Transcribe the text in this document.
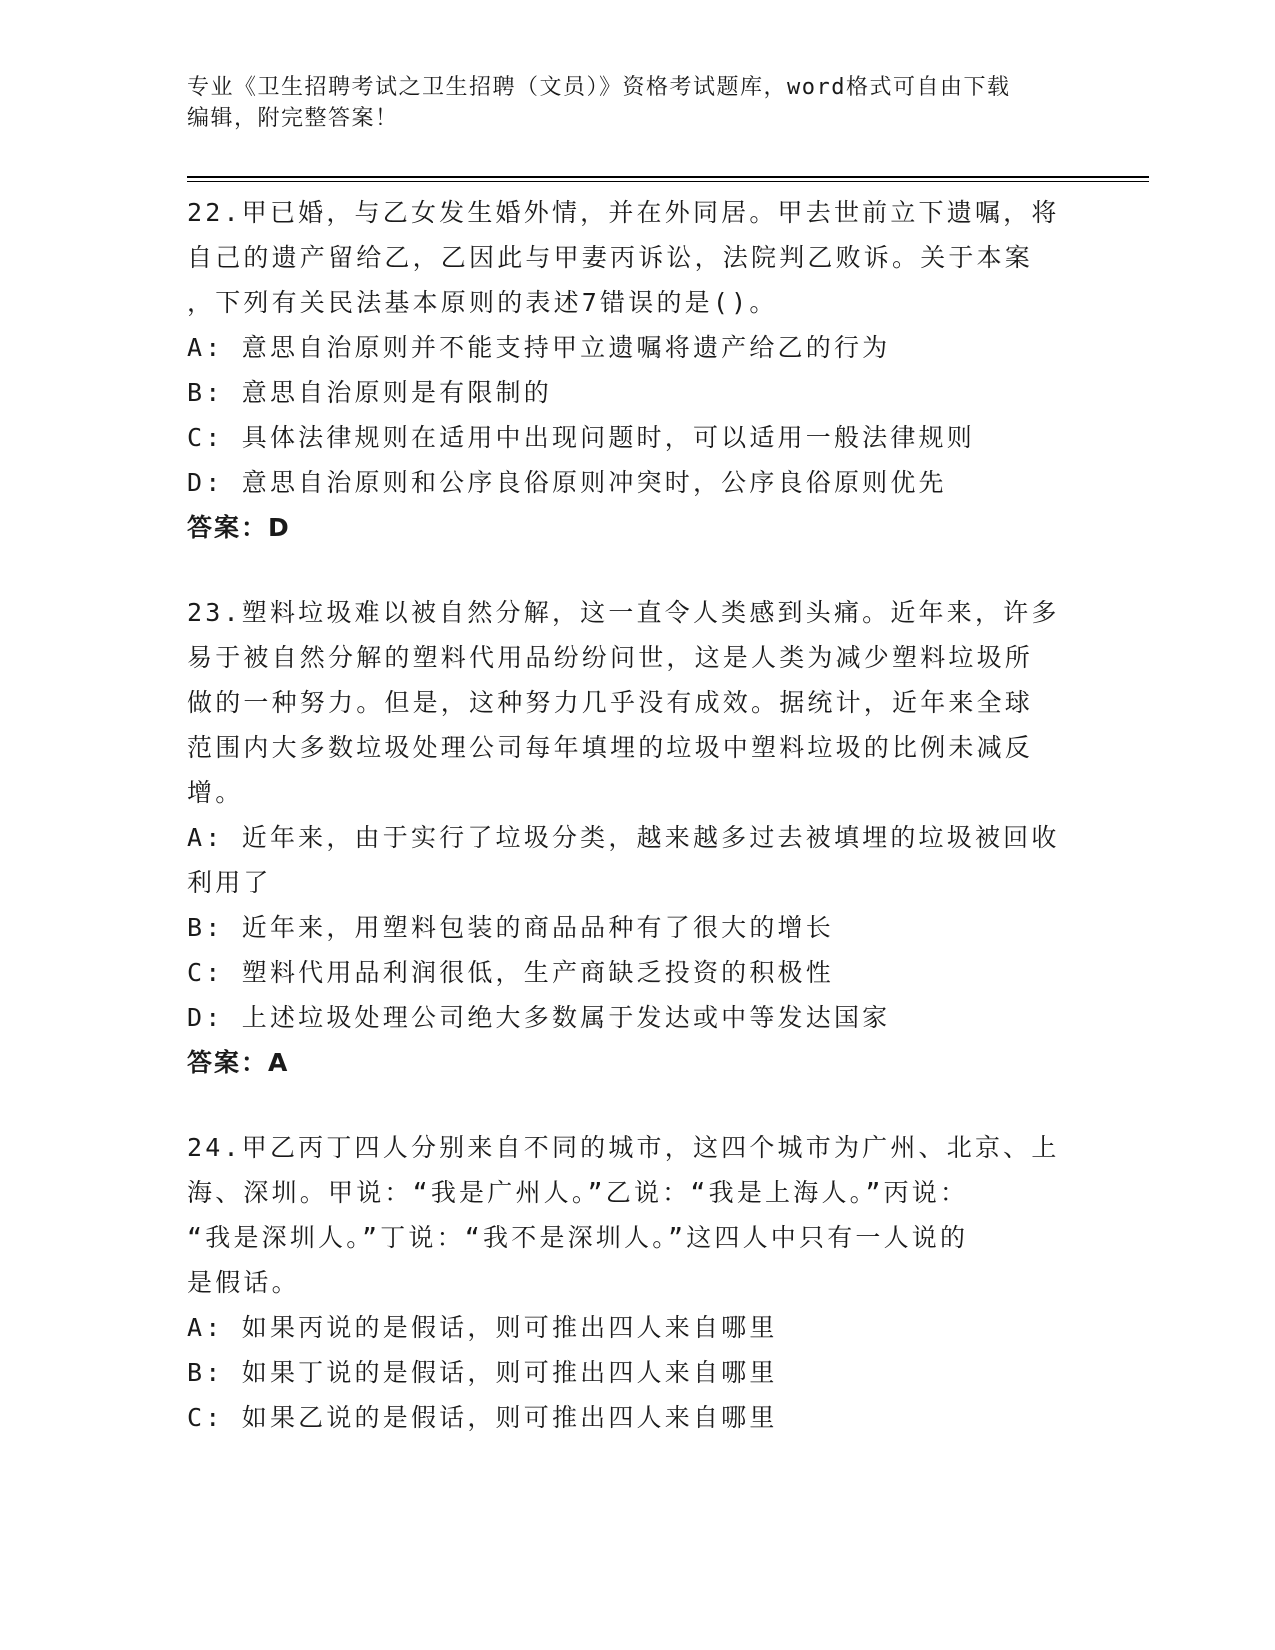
专业《卫生招聘考试之卫生招聘（文员）》资格考试题库，word格式可自由下载
编辑，附完整答案！

22.甲已婚，与乙女发生婚外情，并在外同居。甲去世前立下遗嘱，将

自己的遗产留给乙，乙因此与甲妻丙诉讼，法院判乙败诉。关于本案

，下列有关民法基本原则的表述7错误的是()。

A: 意思自治原则并不能支持甲立遗嘱将遗产给乙的行为

B: 意思自治原则是有限制的

C: 具体法律规则在适用中出现问题时，可以适用一般法律规则

D: 意思自治原则和公序良俗原则冲突时，公序良俗原则优先

答案：D

23.塑料垃圾难以被自然分解，这一直令人类感到头痛。近年来，许多

易于被自然分解的塑料代用品纷纷问世，这是人类为减少塑料垃圾所

做的一种努力。但是，这种努力几乎没有成效。据统计，近年来全球

范围内大多数垃圾处理公司每年填埋的垃圾中塑料垃圾的比例未减反

增。

A: 近年来，由于实行了垃圾分类，越来越多过去被填埋的垃圾被回收

利用了

B: 近年来，用塑料包装的商品品种有了很大的增长

C: 塑料代用品利润很低，生产商缺乏投资的积极性

D: 上述垃圾处理公司绝大多数属于发达或中等发达国家

答案：A

24.甲乙丙丁四人分别来自不同的城市，这四个城市为广州、北京、上

海、深圳。甲说：“我是广州人。”乙说：“我是上海人。”丙说：

“我是深圳人。”丁说：“我不是深圳人。”这四人中只有一人说的

是假话。

A: 如果丙说的是假话，则可推出四人来自哪里

B: 如果丁说的是假话，则可推出四人来自哪里

C: 如果乙说的是假话，则可推出四人来自哪里
